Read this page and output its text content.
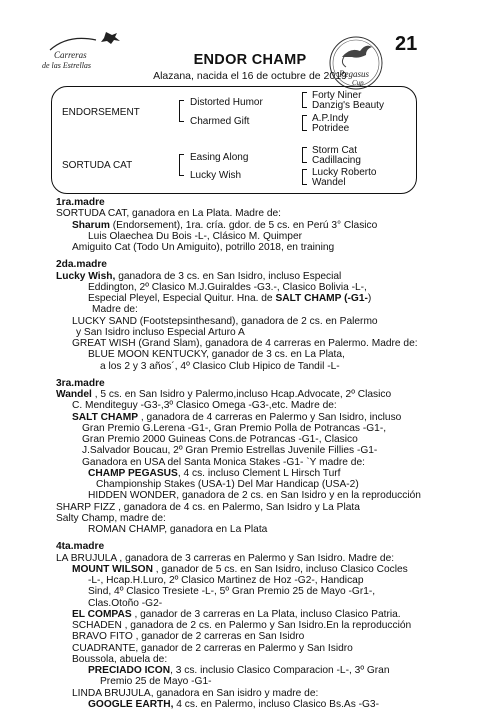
Carreras
de las Estrellas
Pegasus
Cup
ENDOR CHAMP
21
Alazana, nacida el 16 de octubre de 2019
ENDORSEMENT
SORTUDA CAT
Distorted Humor
Charmed Gift
Easing Along
Lucky Wish
Forty Niner
Danzig's Beauty
A.P.Indy
Potridee
Storm Cat
Cadillacing
Lucky Roberto
Wandel
1ra.madre
SORTUDA CAT, ganadora en La Plata. Madre de:
Sharum (Endorsement), 1ra. cría. gdor. de 5 cs. en Perú 3° Clasico
Luis Olaechea Du Bois -L-, Clásico M. Quimper
Amiguito Cat (Todo Un Amiguito), potrillo 2018, en training
2da.madre
Lucky Wish, ganadora de 3 cs. en San Isidro, incluso Especial
Eddington, 2º Clasico M.J.Guiraldes -G3.-, Clasico Bolivia -L-,
Especial Pleyel, Especial Quitur. Hna. de SALT CHAMP (-G1-)
Madre de:
LUCKY SAND (Footstepsinthesand), ganadora de 2 cs. en Palermo
y San Isidro incluso Especial Arturo A
GREAT WISH (Grand Slam), ganadora de 4 carreras en Palermo. Madre de:
BLUE MOON KENTUCKY, ganador de 3 cs. en La Plata,
a los 2 y 3 años´, 4º Clasico Club Hipico de Tandil -L-
3ra.madre
Wandel , 5 cs. en San Isidro y Palermo,incluso Hcap.Advocate, 2º Clasico
C. Menditeguy -G3-,3º Clasico Omega -G3-,etc. Madre de:
SALT CHAMP , ganadora de 4 carreras en Palermo y San Isidro, incluso
Gran Premio G.Lerena -G1-, Gran Premio Polla de Potrancas -G1-,
Gran Premio 2000 Guineas Cons.de Potrancas -G1-, Clasico
J.Salvador Boucau, 2º Gran Premio Estrellas Juvenile Fillies -G1-
Ganadora en USA del Santa Monica Stakes -G1- `Y madre de:
CHAMP PEGASUS, 4 cs. incluso Clement L Hirsch Turf
Championship Stakes (USA-1) Del Mar Handicap (USA-2)
HIDDEN WONDER, ganadora de 2 cs. en San Isidro y en la reproducción
SHARP FIZZ , ganadora de 4 cs. en Palermo, San Isidro y La Plata
Salty Champ, madre de:
ROMAN CHAMP, ganadora en La Plata
4ta.madre
LA BRUJULA , ganadora de 3 carreras en Palermo y San Isidro. Madre de:
MOUNT WILSON , ganador de 5 cs. en San Isidro, incluso Clasico Cocles
-L-, Hcap.H.Luro, 2º Clasico Martinez de Hoz -G2-, Handicap
Sind, 4º Clasico Tresiete -L-, 5º Gran Premio 25 de Mayo -Gr1-,
Clas.Otoño -G2-
EL COMPAS , ganador de 3 carreras en La Plata, incluso Clasico Patria.
SCHADEN , ganadora de 2 cs. en Palermo y San Isidro.En la reproducción
BRAVO FITO , ganador de 2 carreras en San Isidro
CUADRANTE, ganador de 2 carreras en Palermo y San Isidro
Boussola, abuela de:
PRECIADO ICON, 3 cs. inclusio Clasico Comparacion -L-, 3º Gran
Premio 25 de Mayo -G1-
LINDA BRUJULA, ganadora en San isidro y madre de:
GOOGLE EARTH, 4 cs. en Palermo, incluso Clasico Bs.As -G3-
